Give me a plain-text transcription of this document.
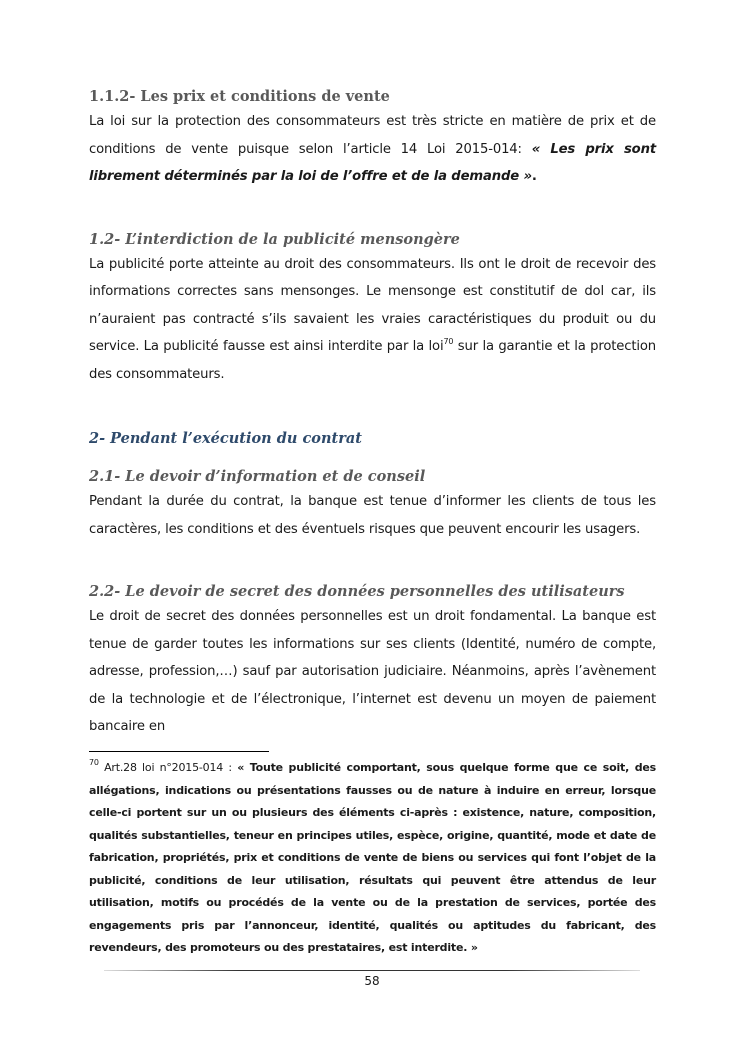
1.1.2- Les prix et conditions de vente

La loi sur la protection des consommateurs est très stricte en matière de prix et de conditions de vente puisque selon l’article 14 Loi 2015-014: « Les prix sont librement déterminés par la loi de l’offre et de la demande ».

1.2- L’interdiction de la publicité mensongère

La publicité porte atteinte au droit des consommateurs. Ils ont le droit de recevoir des informations correctes sans mensonges. Le mensonge est constitutif de dol car, ils n’auraient pas contracté s’ils savaient les vraies caractéristiques du produit ou du service. La publicité fausse est ainsi interdite par la loi$^{70}$ sur la garantie et la protection des consommateurs.

2- Pendant l’exécution du contrat
2.1- Le devoir d’information et de conseil

Pendant la durée du contrat, la banque est tenue d’informer les clients de tous les caractères, les conditions et des éventuels risques que peuvent encourir les usagers.

2.2- Le devoir de secret des données personnelles des utilisateurs

Le droit de secret des données personnelles est un droit fondamental. La banque est tenue de garder toutes les informations sur ses clients (Identité, numéro de compte, adresse, profession,…) sauf par autorisation judiciaire. Néanmoins, après l’avènement de la technologie et de l’électronique, l’internet est devenu un moyen de paiement bancaire en

$^{70}$ Art.28 loi n°2015-014 : « Toute publicité comportant, sous quelque forme que ce soit, des allégations, indications ou présentations fausses ou de nature à induire en erreur, lorsque celle-ci portent sur un ou plusieurs des éléments ci-après : existence, nature, composition, qualités substantielles, teneur en principes utiles, espèce, origine, quantité, mode et date de fabrication, propriétés, prix et conditions de vente de biens ou services qui font l’objet de la publicité, conditions de leur utilisation, résultats qui peuvent être attendus de leur utilisation, motifs ou procédés de la vente ou de la prestation de services, portée des engagements pris par l’annonceur, identité, qualités ou aptitudes du fabricant, des revendeurs, des promoteurs ou des prestataires, est interdite. »
58
